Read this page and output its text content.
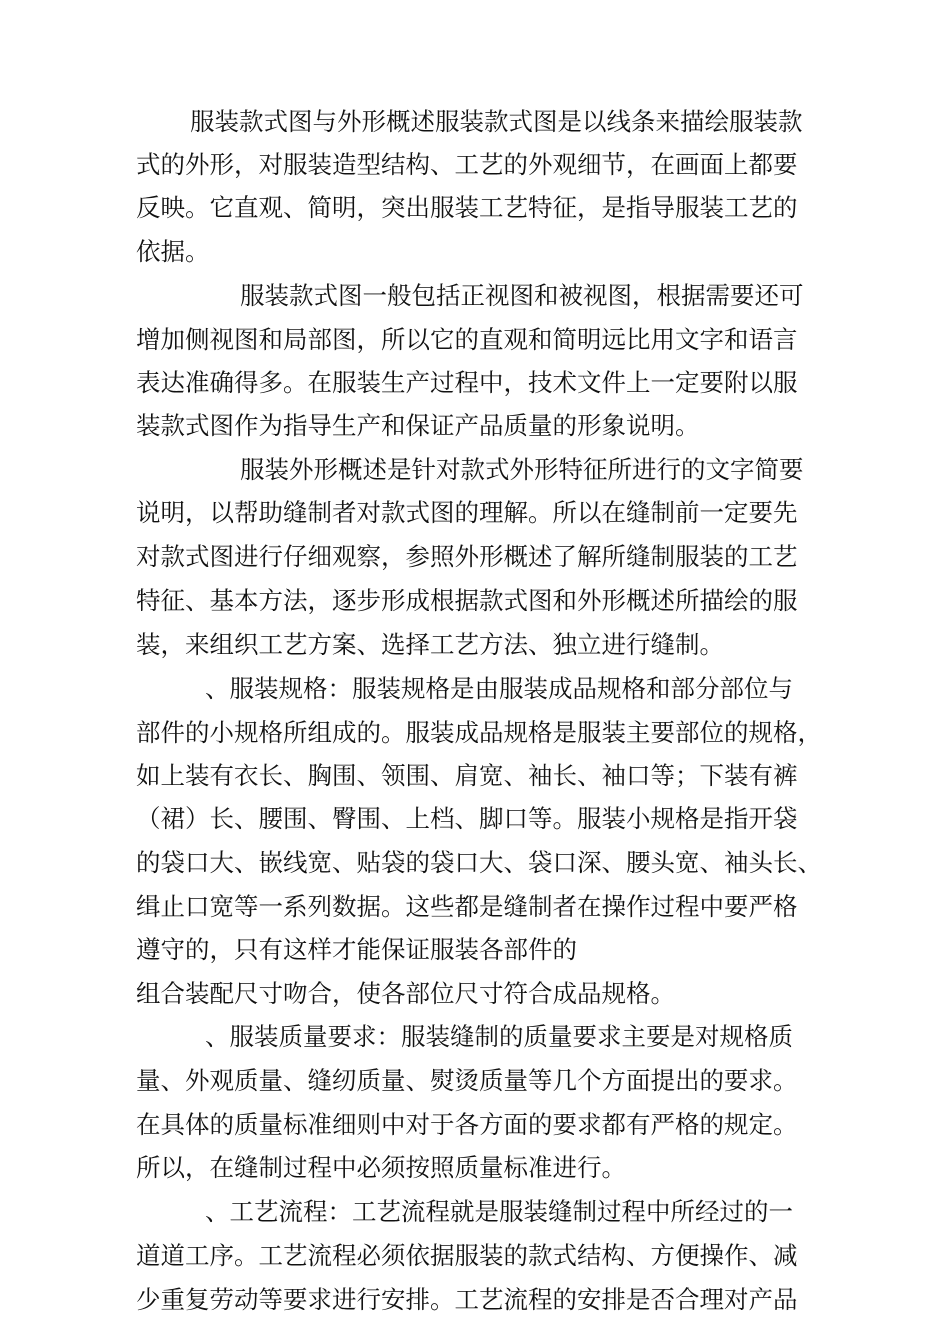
服装款式图与外形概述服装款式图是以线条来描绘服装款
式的外形，对服装造型结构、工艺的外观细节，在画面上都要
反映。它直观、简明，突出服装工艺特征，是指导服装工艺的
依据。
服装款式图一般包括正视图和被视图，根据需要还可
增加侧视图和局部图，所以它的直观和简明远比用文字和语言
表达准确得多。在服装生产过程中，技术文件上一定要附以服
装款式图作为指导生产和保证产品质量的形象说明。
服装外形概述是针对款式外形特征所进行的文字简要
说明，以帮助缝制者对款式图的理解。所以在缝制前一定要先
对款式图进行仔细观察，参照外形概述了解所缝制服装的工艺
特征、基本方法，逐步形成根据款式图和外形概述所描绘的服
装，来组织工艺方案、选择工艺方法、独立进行缝制。
、服装规格：服装规格是由服装成品规格和部分部位与
部件的小规格所组成的。服装成品规格是服装主要部位的规格，
如上装有衣长、胸围、领围、肩宽、袖长、袖口等；下装有裤
（裙）长、腰围、臀围、上档、脚口等。服装小规格是指开袋
的袋口大、嵌线宽、贴袋的袋口大、袋口深、腰头宽、袖头长、
缉止口宽等一系列数据。这些都是缝制者在操作过程中要严格
遵守的，只有这样才能保证服装各部件的
组合装配尺寸吻合，使各部位尺寸符合成品规格。
、服装质量要求：服装缝制的质量要求主要是对规格质
量、外观质量、缝纫质量、熨烫质量等几个方面提出的要求。
在具体的质量标准细则中对于各方面的要求都有严格的规定。
所以，在缝制过程中必须按照质量标准进行。
、工艺流程：工艺流程就是服装缝制过程中所经过的一
道道工序。工艺流程必须依据服装的款式结构、方便操作、减
少重复劳动等要求进行安排。工艺流程的安排是否合理对产品
